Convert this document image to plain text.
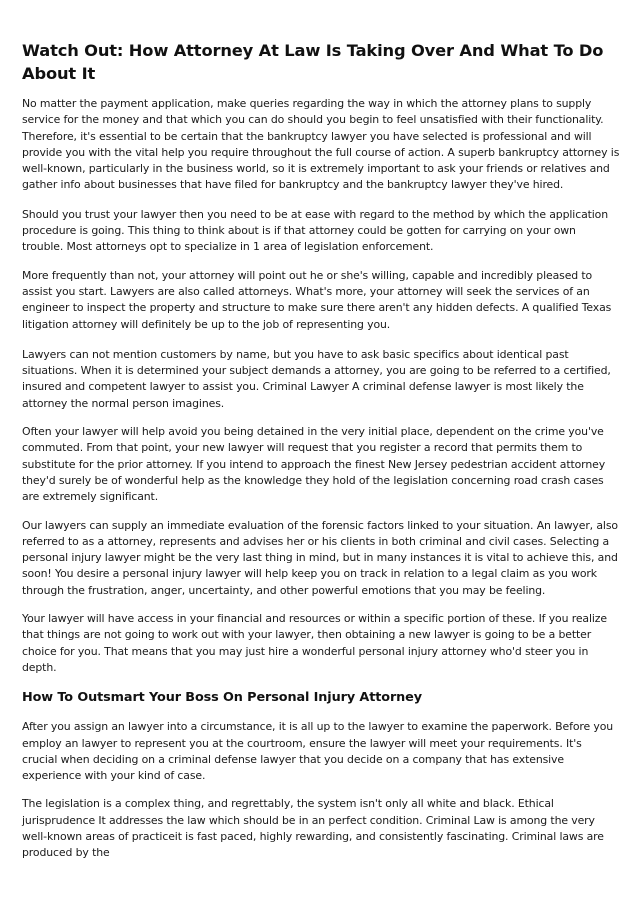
Watch Out: How Attorney At Law Is Taking Over And What To Do About It

No matter the payment application, make queries regarding the way in which the attorney plans to supply service for the money and that which you can do should you begin to feel unsatisfied with their functionality. Therefore, it's essential to be certain that the bankruptcy lawyer you have selected is professional and will provide you with the vital help you require throughout the full course of action. A superb bankruptcy attorney is well-known, particularly in the business world, so it is extremely important to ask your friends or relatives and gather info about businesses that have filed for bankruptcy and the bankruptcy lawyer they've hired.

Should you trust your lawyer then you need to be at ease with regard to the method by which the application procedure is going. This thing to think about is if that attorney could be gotten for carrying on your own trouble. Most attorneys opt to specialize in 1 area of legislation enforcement.

More frequently than not, your attorney will point out he or she's willing, capable and incredibly pleased to assist you start. Lawyers are also called attorneys. What's more, your attorney will seek the services of an engineer to inspect the property and structure to make sure there aren't any hidden defects. A qualified Texas litigation attorney will definitely be up to the job of representing you.

Lawyers can not mention customers by name, but you have to ask basic specifics about identical past situations. When it is determined your subject demands a attorney, you are going to be referred to a certified, insured and competent lawyer to assist you. Criminal Lawyer A criminal defense lawyer is most likely the attorney the normal person imagines.

Often your lawyer will help avoid you being detained in the very initial place, dependent on the crime you've commuted. From that point, your new lawyer will request that you register a record that permits them to substitute for the prior attorney. If you intend to approach the finest New Jersey pedestrian accident attorney they'd surely be of wonderful help as the knowledge they hold of the legislation concerning road crash cases are extremely significant.

Our lawyers can supply an immediate evaluation of the forensic factors linked to your situation. An lawyer, also referred to as a attorney, represents and advises her or his clients in both criminal and civil cases. Selecting a personal injury lawyer might be the very last thing in mind, but in many instances it is vital to achieve this, and soon! You desire a personal injury lawyer will help keep you on track in relation to a legal claim as you work through the frustration, anger, uncertainty, and other powerful emotions that you may be feeling.

Your lawyer will have access in your financial and resources or within a specific portion of these. If you realize that things are not going to work out with your lawyer, then obtaining a new lawyer is going to be a better choice for you. That means that you may just hire a wonderful personal injury attorney who'd steer you in depth.

How To Outsmart Your Boss On Personal Injury Attorney

After you assign an lawyer into a circumstance, it is all up to the lawyer to examine the paperwork. Before you employ an lawyer to represent you at the courtroom, ensure the lawyer will meet your requirements. It's crucial when deciding on a criminal defense lawyer that you decide on a company that has extensive experience with your kind of case.

The legislation is a complex thing, and regrettably, the system isn't only all white and black. Ethical jurisprudence It addresses the law which should be in an perfect condition. Criminal Law is among the very well-known areas of practiceit is fast paced, highly rewarding, and consistently fascinating. Criminal laws are produced by the
